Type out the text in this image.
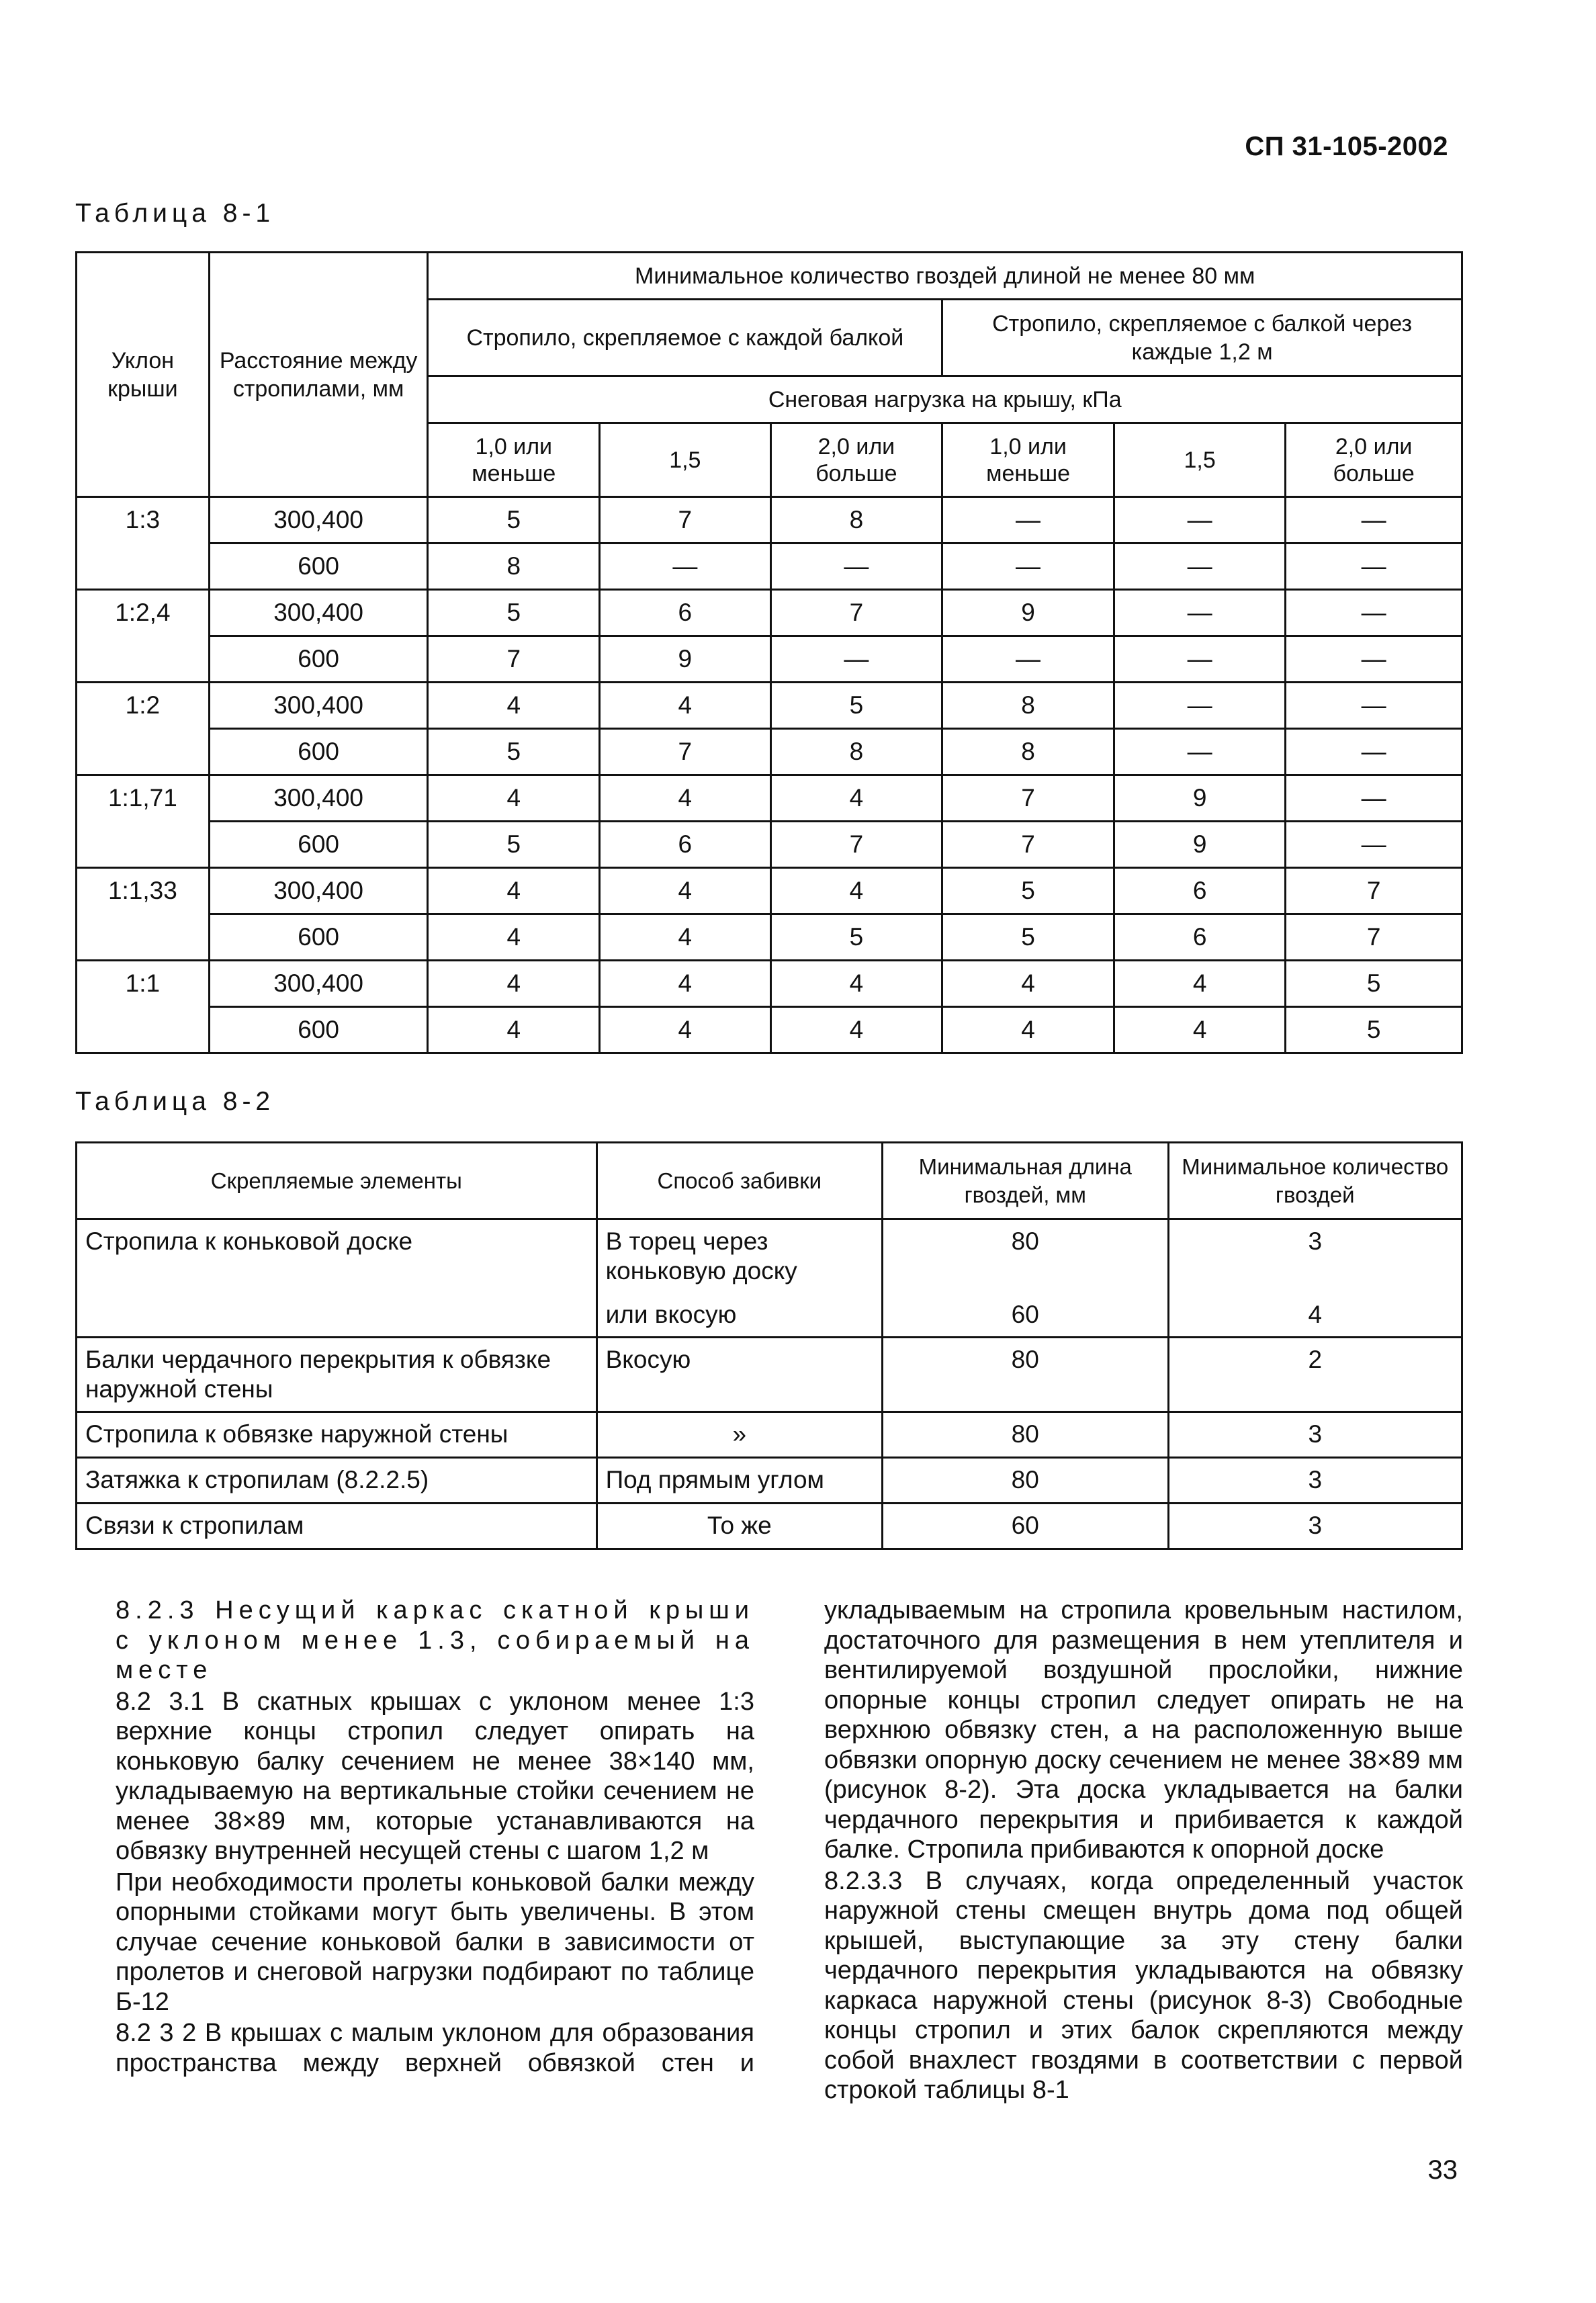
СП 31-105-2002
Таблица 8-1
Уклон крыши	Расстояние между стропилами, мм	Минимальное количество гвоздей длиной не менее 80 мм					
		Стропило, скрепляемое с каждой балкой			Стропило, скрепляемое с балкой через каждые 1,2 м		
		Снеговая нагрузка на крышу, кПа					
		1,0 или меньше	1,5	2,0 или больше	1,0 или меньше	1,5	2,0 или больше
1:3	300,400	5	7	8	—	—	—
	600	8	—	—	—	—	—
1:2,4	300,400	5	6	7	9	—	—
	600	7	9	—	—	—	—
1:2	300,400	4	4	5	8	—	—
	600	5	7	8	8	—	—
1:1,71	300,400	4	4	4	7	9	—
	600	5	6	7	7	9	—
1:1,33	300,400	4	4	4	5	6	7
	600	4	4	5	5	6	7
1:1	300,400	4	4	4	4	4	5
	600	4	4	4	4	4	5
Таблица 8-2
Скрепляемые элементы	Способ забивки	Минимальная длина гвоздей, мм	Минимальное количество гвоздей
Стропила к коньковой доске	В торец через коньковую доску	80	3
	или вкосую	60	4
Балки чердачного перекрытия к обвязке наружной стены	Вкосую	80	2
Стропила к обвязке наружной стены	»	80	3
Затяжка к стропилам (8.2.2.5)	Под прямым углом	80	3
Связи к стропилам	То же	60	3

8.2.3 Несущий каркас скатной крыши с уклоном менее 1.3, собираемый на месте

8.2 3.1 В скатных крышах с уклоном менее 1:3 верхние концы стропил следует опирать на коньковую балку сечением не менее 38×140 мм, укладываемую на вертикальные стойки сечением не менее 38×89 мм, которые устанавливаются на обвязку внутренней несущей стены с шагом 1,2 м

При необходимости пролеты коньковой балки между опорными стойками могут быть увеличены. В этом случае сечение коньковой балки в зависимости от пролетов и снеговой нагрузки подбирают по таблице Б-12

8.2 3 2 В крышах с малым уклоном для образования пространства между верхней обвязкой стен и укладываемым на стропила кровельным настилом, достаточного для размещения в нем утеплителя и вентилируемой воздушной прослойки, нижние опорные концы стропил следует опирать не на верхнюю обвязку стен, а на расположенную выше обвязки опорную доску сечением не менее 38×89 мм (рисунок 8-2). Эта доска укладывается на балки чердачного перекрытия и прибивается к каждой балке. Стропила прибиваются к опорной доске

8.2.3.3 В случаях, когда определенный участок наружной стены смещен внутрь дома под общей крышей, выступающие за эту стену балки чердачного перекрытия укладываются на обвязку каркаса наружной стены (рисунок 8-3) Свободные концы стропил и этих балок скрепляются между собой внахлест гвоздями в соответствии с первой строкой таблицы 8-1

33
